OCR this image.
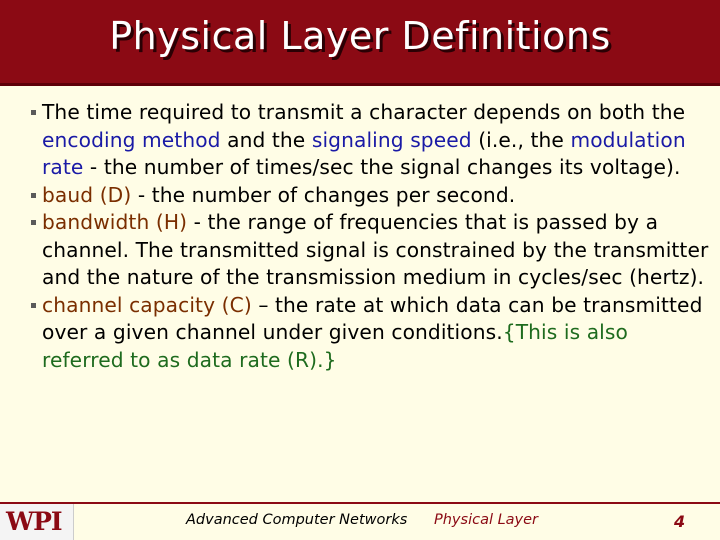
Physical Layer Definitions
The time required to transmit a character depends on both the encoding method and the signaling speed (i.e., the modulation rate - the number of times/sec the signal changes its voltage).
baud (D) - the number of changes per second.
bandwidth (H) - the range of frequencies that is passed by a channel. The transmitted signal is constrained by the transmitter and the nature of the transmission medium in cycles/sec (hertz).
channel capacity (C) – the rate at which data can be transmitted over a given channel under given conditions.{This is also referred to as data rate (R).}
WPI	Advanced Computer Networks Physical Layer	4
